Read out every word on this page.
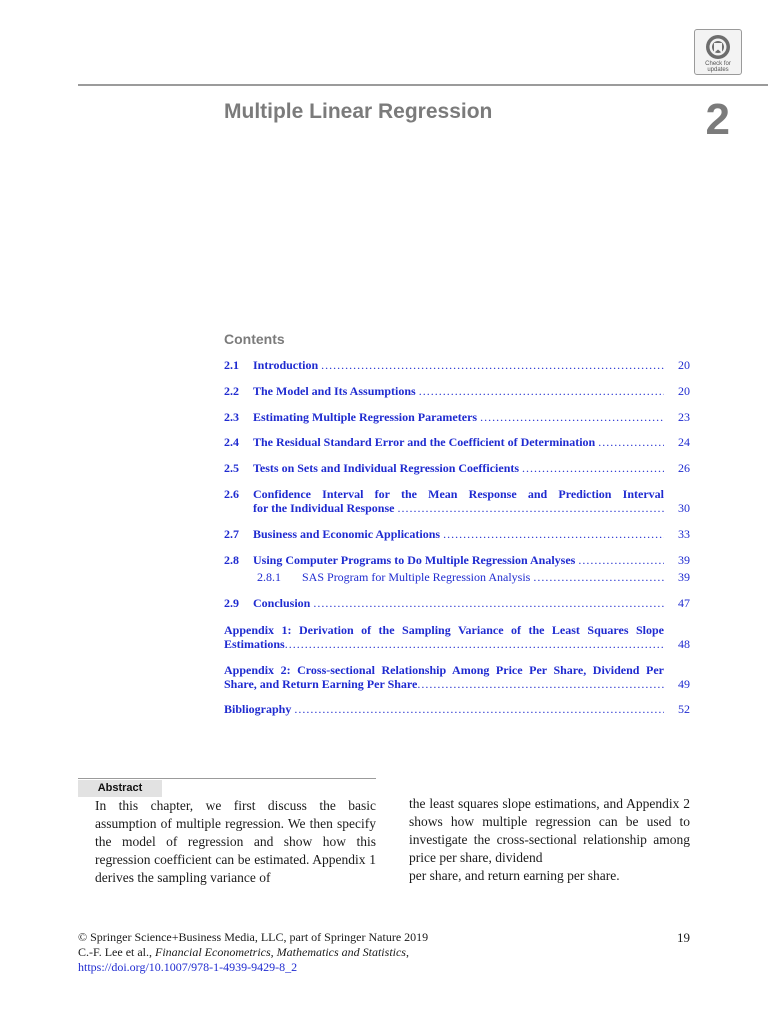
Check for updates
Multiple Linear Regression	2
Contents
2.1	Introduction .....	20
2.2	The Model and Its Assumptions .....	20
2.3	Estimating Multiple Regression Parameters .....	23
2.4	The Residual Standard Error and the Coefficient of Determination .....	24
2.5	Tests on Sets and Individual Regression Coefficients .....	26
2.6	Confidence Interval for the Mean Response and Prediction Interval
for the Individual Response .....	30
2.7	Business and Economic Applications .....	33
2.8	Using Computer Programs to Do Multiple Regression Analyses .....	39
2.8.1	SAS Program for Multiple Regression Analysis .....	39
2.9	Conclusion .....	47
Appendix 1: Derivation of the Sampling Variance of the Least Squares Slope
Estimations .....	48
Appendix 2: Cross-sectional Relationship Among Price Per Share, Dividend Per
Share, and Return Earning Per Share .....	49
Bibliography .....	52
Abstract
In this chapter, we first discuss the basic assumption of multiple regression. We then specify the model of regression and show how this regression coefficient can be estimated. Appendix 1 derives the sampling variance of
the least squares slope estimations, and Appendix 2 shows how multiple regression can be used to investigate the cross-sectional relationship among price per share, dividend
per share, and return earning per share.
© Springer Science+Business Media, LLC, part of Springer Nature 2019
C.-F. Lee et al., Financial Econometrics, Mathematics and Statistics,
https://doi.org/10.1007/978-1-4939-9429-8_2
19
